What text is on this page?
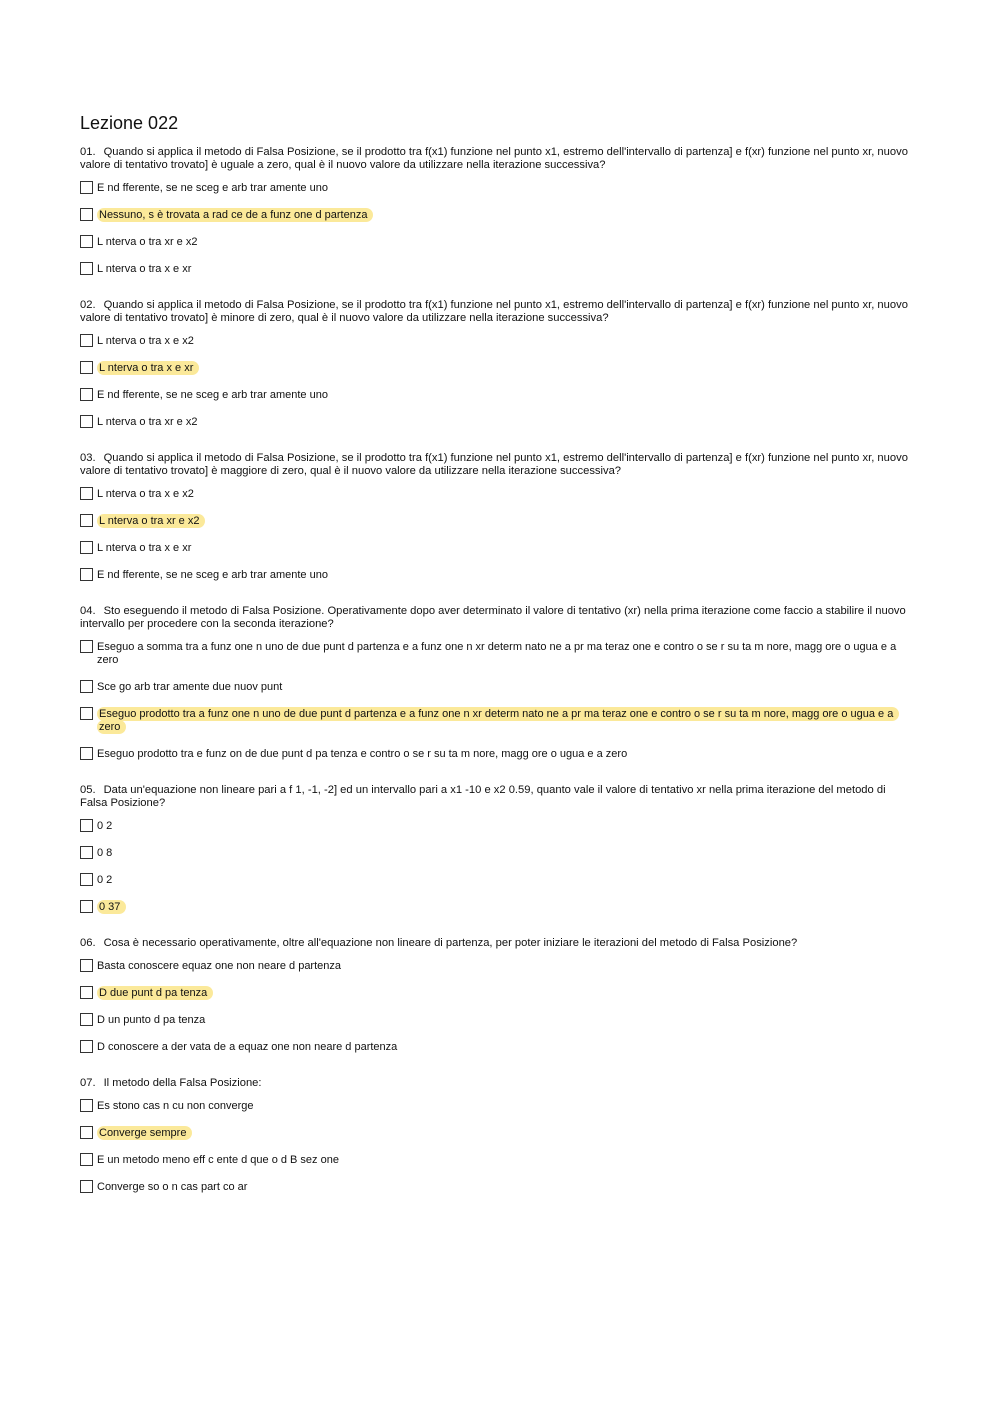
Lezione 022
01. Quando si applica il metodo di Falsa Posizione, se il prodotto tra f(x1) funzione nel punto x1, estremo dell'intervallo di partenza] e f(xr) funzione nel punto xr, nuovo valore di tentativo trovato] è uguale a zero, qual è il nuovo valore da utilizzare nella iterazione successiva?
E nd fferente, se ne sceg e arb trar amente uno
Nessuno, s è trovata a rad ce de a funz one d partenza
L nterva o tra xr e x2
L nterva o tra x e xr
02. Quando si applica il metodo di Falsa Posizione, se il prodotto tra f(x1) funzione nel punto x1, estremo dell'intervallo di partenza] e f(xr) funzione nel punto xr, nuovo valore di tentativo trovato] è minore di zero, qual è il nuovo valore da utilizzare nella iterazione successiva?
L nterva o tra x e x2
L nterva o tra x e xr
E nd fferente, se ne sceg e arb trar amente uno
L nterva o tra xr e x2
03. Quando si applica il metodo di Falsa Posizione, se il prodotto tra f(x1) funzione nel punto x1, estremo dell'intervallo di partenza] e f(xr) funzione nel punto xr, nuovo valore di tentativo trovato] è maggiore di zero, qual è il nuovo valore da utilizzare nella iterazione successiva?
L nterva o tra x e x2
L nterva o tra xr e x2
L nterva o tra x e xr
E nd fferente, se ne sceg e arb trar amente uno
04. Sto eseguendo il metodo di Falsa Posizione. Operativamente dopo aver determinato il valore di tentativo (xr) nella prima iterazione come faccio a stabilire il nuovo intervallo per procedere con la seconda iterazione?
Eseguo a somma tra a funz one n uno de due punt d partenza e a funz one n xr determ nato ne a pr ma teraz one e contro o se r su ta m nore, magg ore o ugua e a zero
Sce go arb trar amente due nuov punt
Eseguo prodotto tra a funz one n uno de due punt d partenza e a funz one n xr determ nato ne a pr ma teraz one e contro o se r su ta m nore, magg ore o ugua e a zero
Eseguo prodotto tra e funz on de due punt d pa tenza e contro o se r su ta m nore, magg ore o ugua e a zero
05. Data un'equazione non lineare pari a f 1, -1, -2] ed un intervallo pari a x1 -10 e x2 0.59, quanto vale il valore di tentativo xr nella prima iterazione del metodo di Falsa Posizione?
0 2
0 8
0 2
0 37
06. Cosa è necessario operativamente, oltre all'equazione non lineare di partenza, per poter iniziare le iterazioni del metodo di Falsa Posizione?
Basta conoscere equaz one non neare d partenza
D due punt d pa tenza
D un punto d pa tenza
D conoscere a der vata de a equaz one non neare d partenza
07. Il metodo della Falsa Posizione:
Es stono cas n cu non converge
Converge sempre
E un metodo meno eff c ente d que o d B sez one
Converge so o n cas part co ar
